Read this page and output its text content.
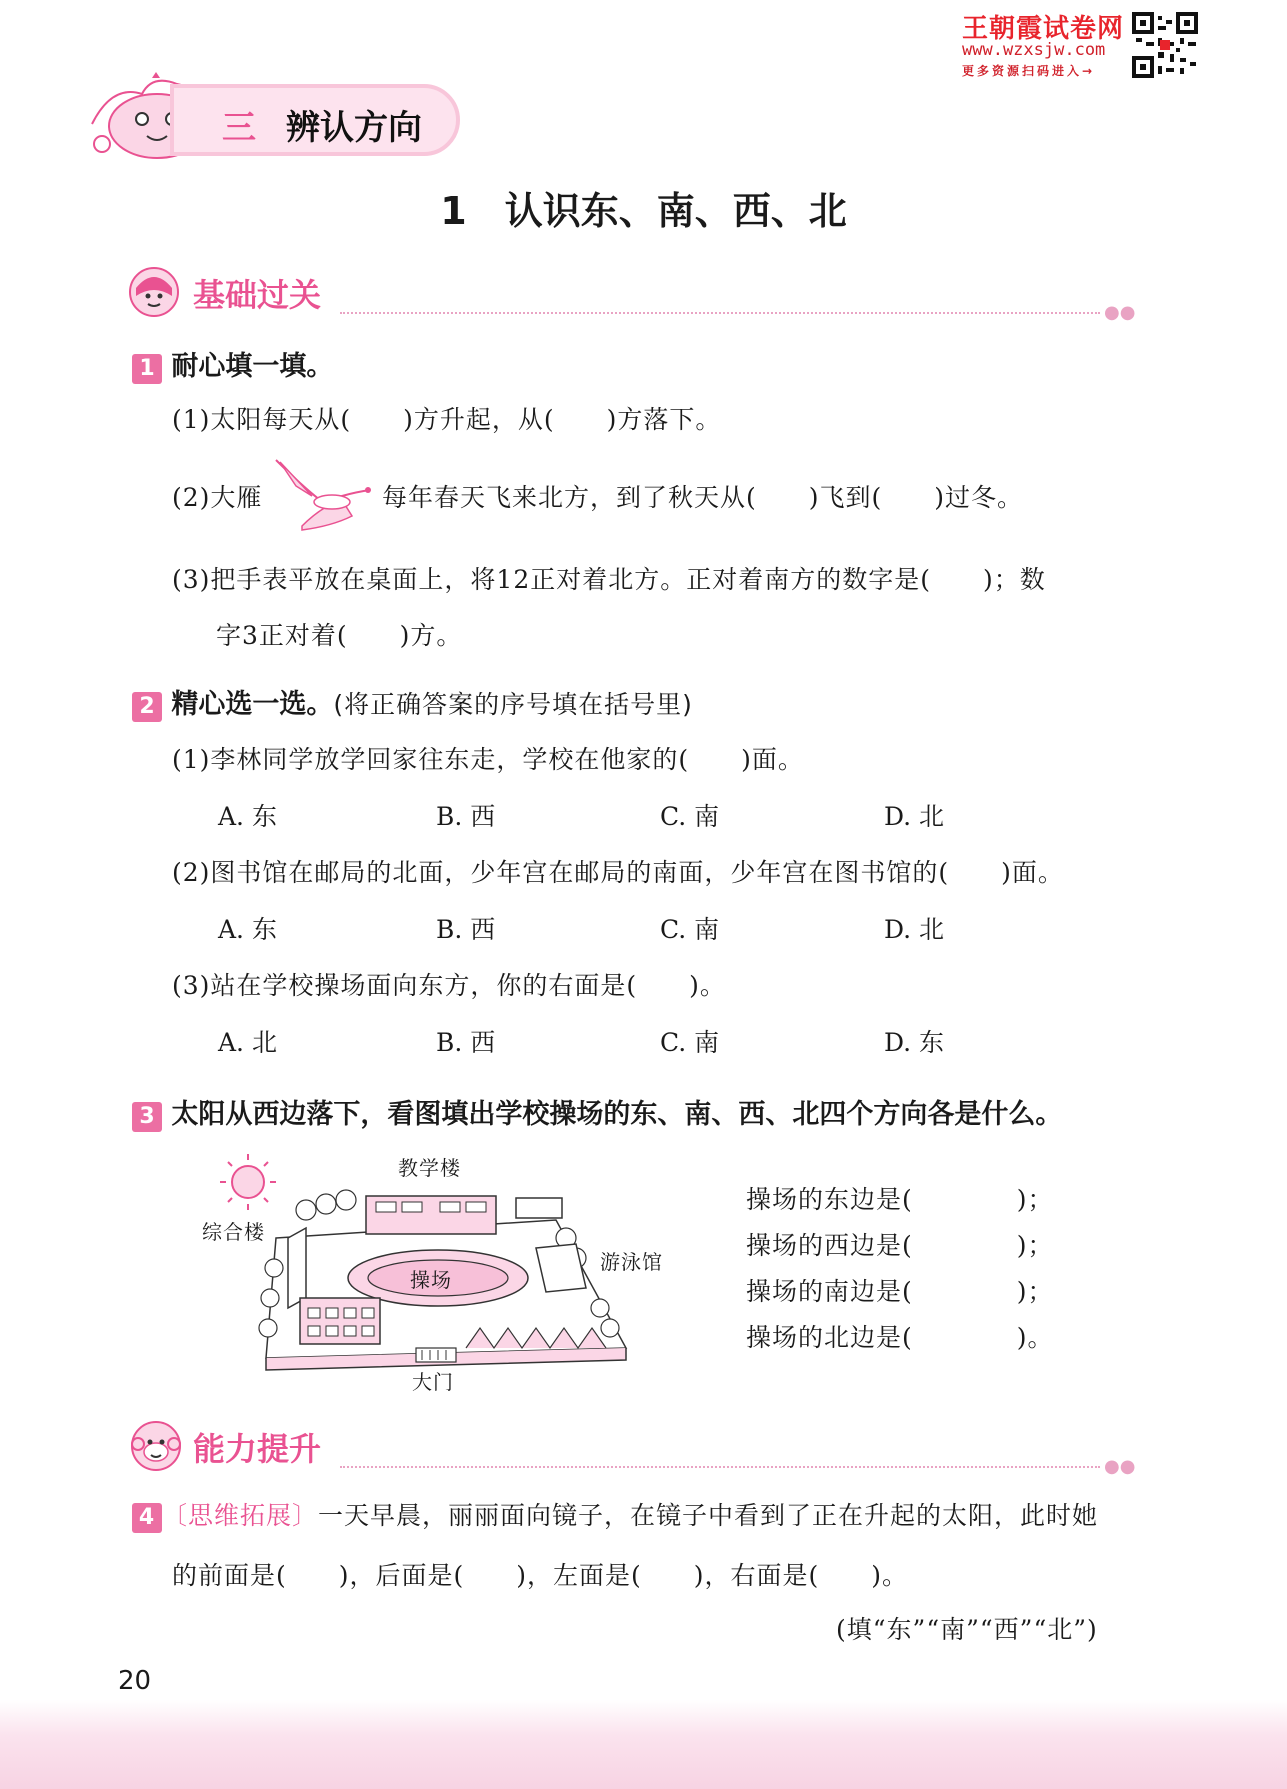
王朝霞试卷网
www.wzxsjw.com
更多资源扫码进入→
三 辨认方向
1　认识东、南、西、北
基础过关	●●
1 耐心填一填。
(1)太阳每天从(　　)方升起，从(　　)方落下。
(2)大雁	每年春天飞来北方，到了秋天从(　　)飞到(　　)过冬。
(3)把手表平放在桌面上，将12正对着北方。正对着南方的数字是(　　)；数
字3正对着(　　)方。
2 精心选一选。(将正确答案的序号填在括号里)
(1)李林同学放学回家往东走，学校在他家的(　　)面。
A. 东	B. 西	C. 南	D. 北
(2)图书馆在邮局的北面，少年宫在邮局的南面，少年宫在图书馆的(　　)面。
A. 东	B. 西	C. 南	D. 北
(3)站在学校操场面向东方，你的右面是(　　)。
A. 北	B. 西	C. 南	D. 东
3 太阳从西边落下，看图填出学校操场的东、南、西、北四个方向各是什么。
教学楼
综合楼
游泳馆
操场
大门
操场的东边是(　　　　)；
操场的西边是(　　　　)；
操场的南边是(　　　　)；
操场的北边是(　　　　)。
能力提升	●●
4 〔思维拓展〕一天早晨，丽丽面向镜子，在镜子中看到了正在升起的太阳，此时她
的前面是(　　)，后面是(　　)，左面是(　　)，右面是(　　)。
(填“东”“南”“西”“北”)
20
